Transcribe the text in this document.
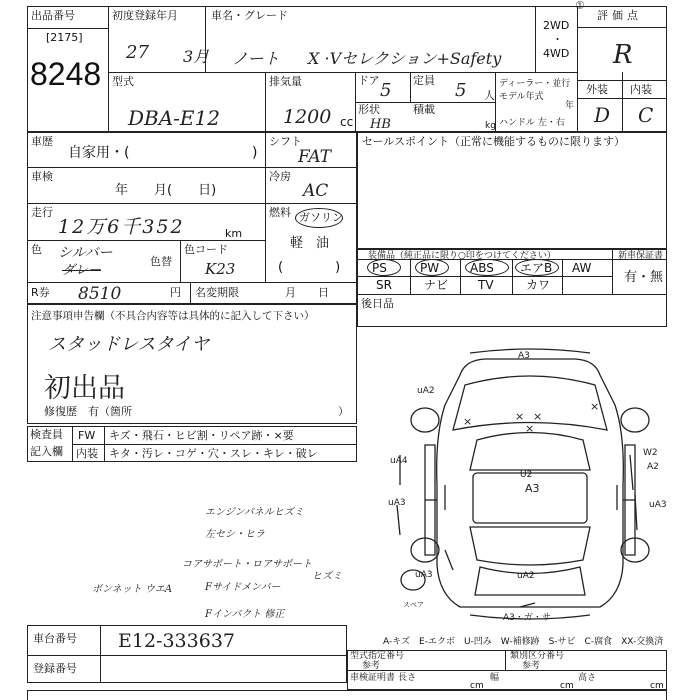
①
出品番号
[2175]
8248
初度登録年月
27 3月
車名・グレード
ノート X ·Vセレクション+Safety
2WD
・
4WD
評価点
R
型式
DBA-E12
排気量
1200 cc
ドア 5 定員 5 人
形状
HB
積載
kg
ディーラー・並行
モデル年式
年
ハンドル 左・右
外装 内装
D C
車歴
自家用・(	)
車検
年　　月(　　日)
走行
12万6千352	km
色 シルバー
ダレー
色替
色コード
K23
シフト
FAT
冷房
AC
燃料 ガソリン
軽　油
(　　　　)
R券 8510	円 名変期限	月　　日
セールスポイント（正常に機能するものに限ります）
装備品（純正品に限り○印をつけてください）	新車保証書
有・無
PS	PW	ABS エアB AW
SR	ナビ TV	カワ
後日品
注意事項申告欄（不具合内容等は具体的に記入して下さい）
スタッドレスタイヤ
初出品
修復歴　有（箇所	）
検査員
記入欄
FW キズ・飛石・ヒビ割・リペア跡・×要
内装 キタ・汚レ・コゲ・穴・スレ・キレ・破レ
エンジンパネルヒズミ
左セシ・ヒラ
コアサポート・ロアサポート
ヒズミ
Fサイドメンバー
ボンネット ウエA
Fインパクト 修正
A3
uA2
uA4
uA3
uA3
W2
A2
uA3
U2
A3
uA2
A3・ガ・サ
× ×
×
×
×
スペア
A-キズ　E-エクボ　U-凹み　W-補修跡　S-サビ　C-腐食　XX-交換済
車台番号 E12-333637
登録番号
型式指定番号
参考
類別区分番号
参考
車検証明書 長さ
cm
幅
cm
高さ
cm
